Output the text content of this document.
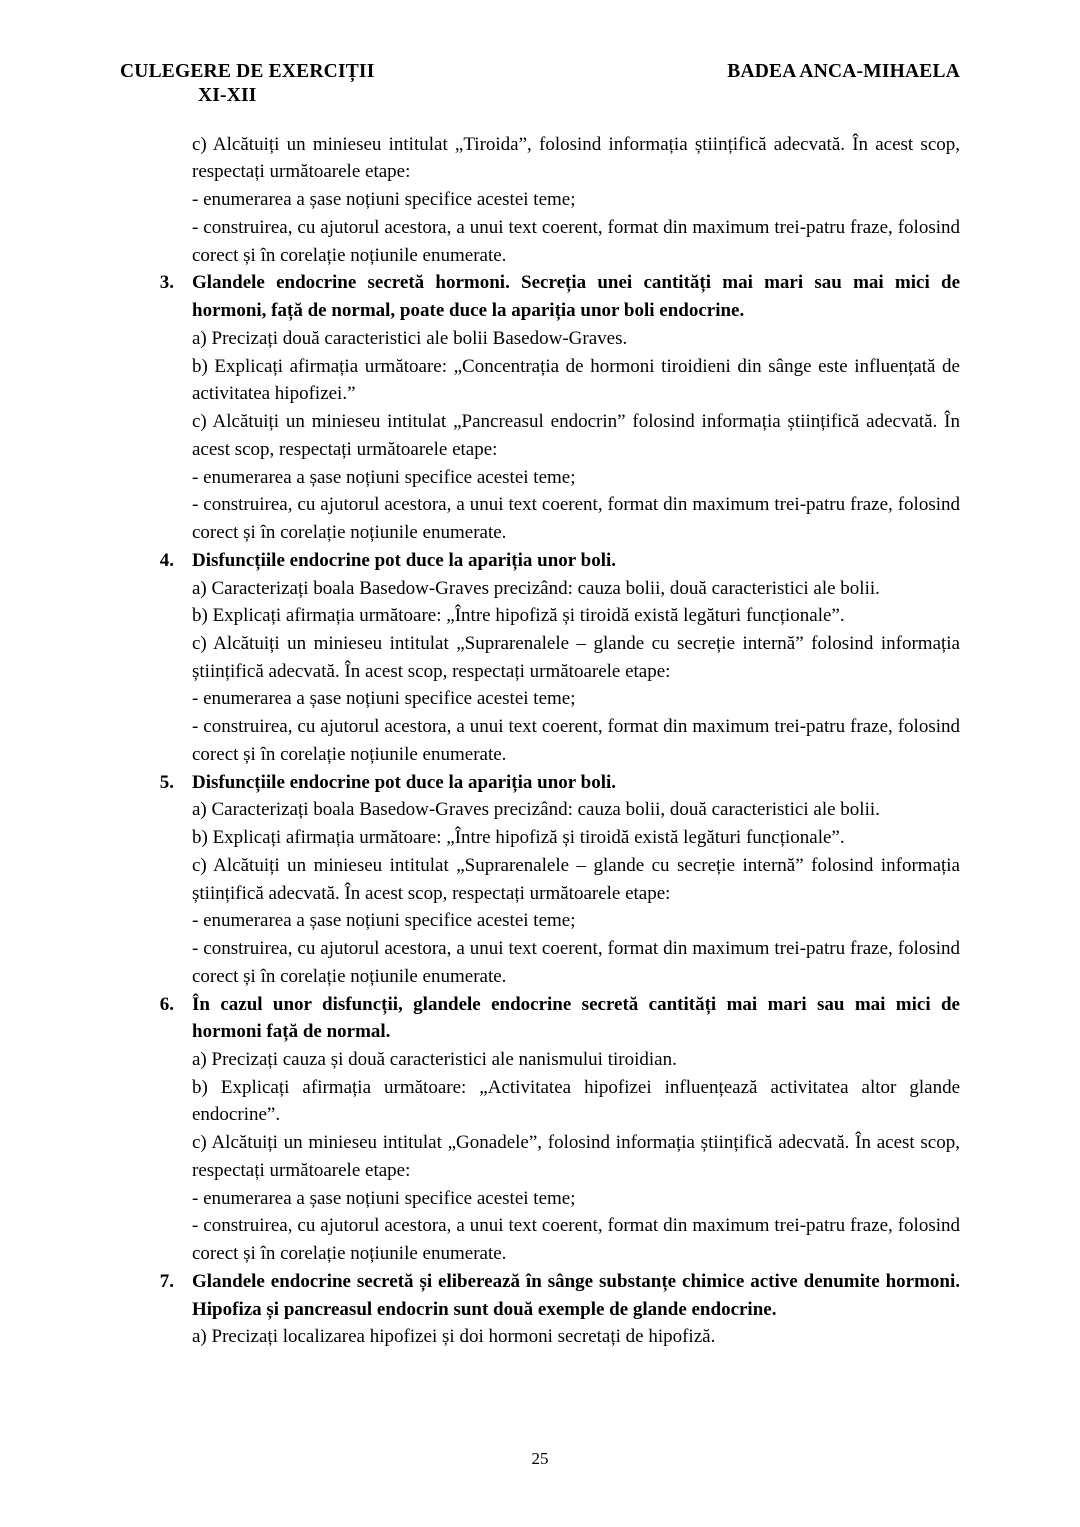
CULEGERE DE EXERCIȚII
XI-XII
BADEA ANCA-MIHAELA

c) Alcătuiți un minieseu intitulat „Tiroida”, folosind informația științifică adecvată. În acest scop, respectați următoarele etape:

- enumerarea a șase noțiuni specifice acestei teme;

- construirea, cu ajutorul acestora, a unui text coerent, format din maximum trei-patru fraze, folosind corect și în corelație noțiunile enumerate.

3. Glandele endocrine secretă hormoni. Secreția unei cantități mai mari sau mai mici de hormoni, față de normal, poate duce la apariția unor boli endocrine.

a) Precizați două caracteristici ale bolii Basedow-Graves.

b) Explicați afirmația următoare: „Concentrația de hormoni tiroidieni din sânge este influențată de activitatea hipofizei.”

c) Alcătuiți un minieseu intitulat „Pancreasul endocrin” folosind informația științifică adecvată. În acest scop, respectați următoarele etape:

- enumerarea a șase noțiuni specifice acestei teme;

- construirea, cu ajutorul acestora, a unui text coerent, format din maximum trei-patru fraze, folosind corect și în corelație noțiunile enumerate.

4. Disfuncțiile endocrine pot duce la apariția unor boli.

a) Caracterizați boala Basedow-Graves precizând: cauza bolii, două caracteristici ale bolii.

b) Explicați afirmația următoare: „Între hipofiză și tiroidă există legături funcționale”.

c) Alcătuiți un minieseu intitulat „Suprarenalele – glande cu secreție internă” folosind informația științifică adecvată. În acest scop, respectați următoarele etape:

- enumerarea a șase noțiuni specifice acestei teme;

- construirea, cu ajutorul acestora, a unui text coerent, format din maximum trei-patru fraze, folosind corect și în corelație noțiunile enumerate.

5. Disfuncțiile endocrine pot duce la apariția unor boli.

a) Caracterizați boala Basedow-Graves precizând: cauza bolii, două caracteristici ale bolii.

b) Explicați afirmația următoare: „Între hipofiză și tiroidă există legături funcționale”.

c) Alcătuiți un minieseu intitulat „Suprarenalele – glande cu secreție internă” folosind informația științifică adecvată. În acest scop, respectați următoarele etape:

- enumerarea a șase noțiuni specifice acestei teme;

- construirea, cu ajutorul acestora, a unui text coerent, format din maximum trei-patru fraze, folosind corect și în corelație noțiunile enumerate.

6. În cazul unor disfuncții, glandele endocrine secretă cantități mai mari sau mai mici de hormoni față de normal.

a) Precizați cauza și două caracteristici ale nanismului tiroidian.

b) Explicați afirmația următoare: „Activitatea hipofizei influențează activitatea altor glande endocrine”.

c) Alcătuiți un minieseu intitulat „Gonadele”, folosind informația științifică adecvată. În acest scop, respectați următoarele etape:

- enumerarea a șase noțiuni specifice acestei teme;

- construirea, cu ajutorul acestora, a unui text coerent, format din maximum trei-patru fraze, folosind corect și în corelație noțiunile enumerate.

7. Glandele endocrine secretă și eliberează în sânge substanțe chimice active denumite hormoni. Hipofiza și pancreasul endocrin sunt două exemple de glande endocrine.

a) Precizați localizarea hipofizei și doi hormoni secretați de hipofiză.

25
